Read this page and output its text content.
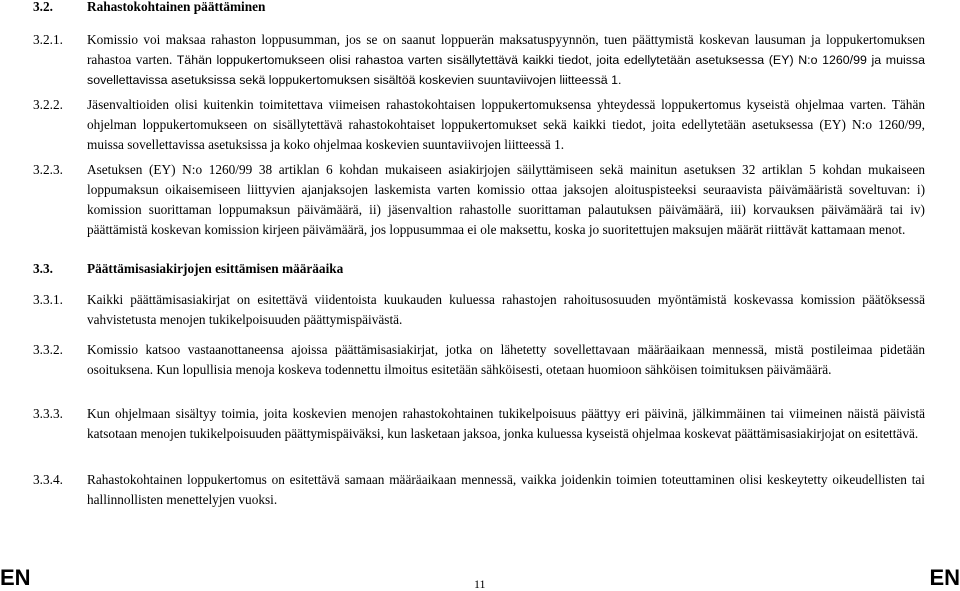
3.2.	Rahastokohtainen päättäminen
3.2.1. Komissio voi maksaa rahaston loppusumman, jos se on saanut loppuerän maksatuspyynnön, tuen päättymistä koskevan lausuman ja loppukertomuksen rahastoa varten. Tähän loppukertomukseen olisi rahastoa varten sisällytettävä kaikki tiedot, joita edellytetään asetuksessa (EY) N:o 1260/99 ja muissa sovellettavissa asetuksissa sekä loppukertomuksen sisältöä koskevien suuntaviivojen liitteessä 1.
3.2.2. Jäsenvaltioiden olisi kuitenkin toimitettava viimeisen rahastokohtaisen loppukertomuksensa yhteydessä loppukertomus kyseistä ohjelmaa varten. Tähän ohjelman loppukertomukseen on sisällytettävä rahastokohtaiset loppukertomukset sekä kaikki tiedot, joita edellytetään asetuksessa (EY) N:o 1260/99, muissa sovellettavissa asetuksissa ja koko ohjelmaa koskevien suuntaviivojen liitteessä 1.
3.2.3. Asetuksen (EY) N:o 1260/99 38 artiklan 6 kohdan mukaiseen asiakirjojen säilyttämiseen sekä mainitun asetuksen 32 artiklan 5 kohdan mukaiseen loppumaksun oikaisemiseen liittyvien ajanjaksojen laskemista varten komissio ottaa jaksojen aloituspisteeksi seuraavista päivämääristä soveltuvan: i) komission suorittaman loppumaksun päivämäärä, ii) jäsenvaltion rahastolle suorittaman palautuksen päivämäärä, iii) korvauksen päivämäärä tai iv) päättämistä koskevan komission kirjeen päivämäärä, jos loppusummaa ei ole maksettu, koska jo suoritettujen maksujen määrät riittävät kattamaan menot.
3.3.	Päättämisasiakirjojen esittämisen määräaika
3.3.1. Kaikki päättämisasiakirjat on esitettävä viidentoista kuukauden kuluessa rahastojen rahoitusosuuden myöntämistä koskevassa komission päätöksessä vahvistetusta menojen tukikelpoisuuden päättymispäivästä.
3.3.2. Komissio katsoo vastaanottaneensa ajoissa päättämisasiakirjat, jotka on lähetetty sovellettavaan määräaikaan mennessä, mistä postileimaa pidetään osoituksena. Kun lopullisia menoja koskeva todennettu ilmoitus esitetään sähköisesti, otetaan huomioon sähköisen toimituksen päivämäärä.
3.3.3. Kun ohjelmaan sisältyy toimia, joita koskevien menojen rahastokohtainen tukikelpoisuus päättyy eri päivinä, jälkimmäinen tai viimeinen näistä päivistä katsotaan menojen tukikelpoisuuden päättymispäiväksi, kun lasketaan jaksoa, jonka kuluessa kyseistä ohjelmaa koskevat päättämisasiakirjojat on esitettävä.
3.3.4. Rahastokohtainen loppukertomus on esitettävä samaan määräaikaan mennessä, vaikka joidenkin toimien toteuttaminen olisi keskeytetty oikeudellisten tai hallinnollisten menettelyjen vuoksi.
EN	11	EN
